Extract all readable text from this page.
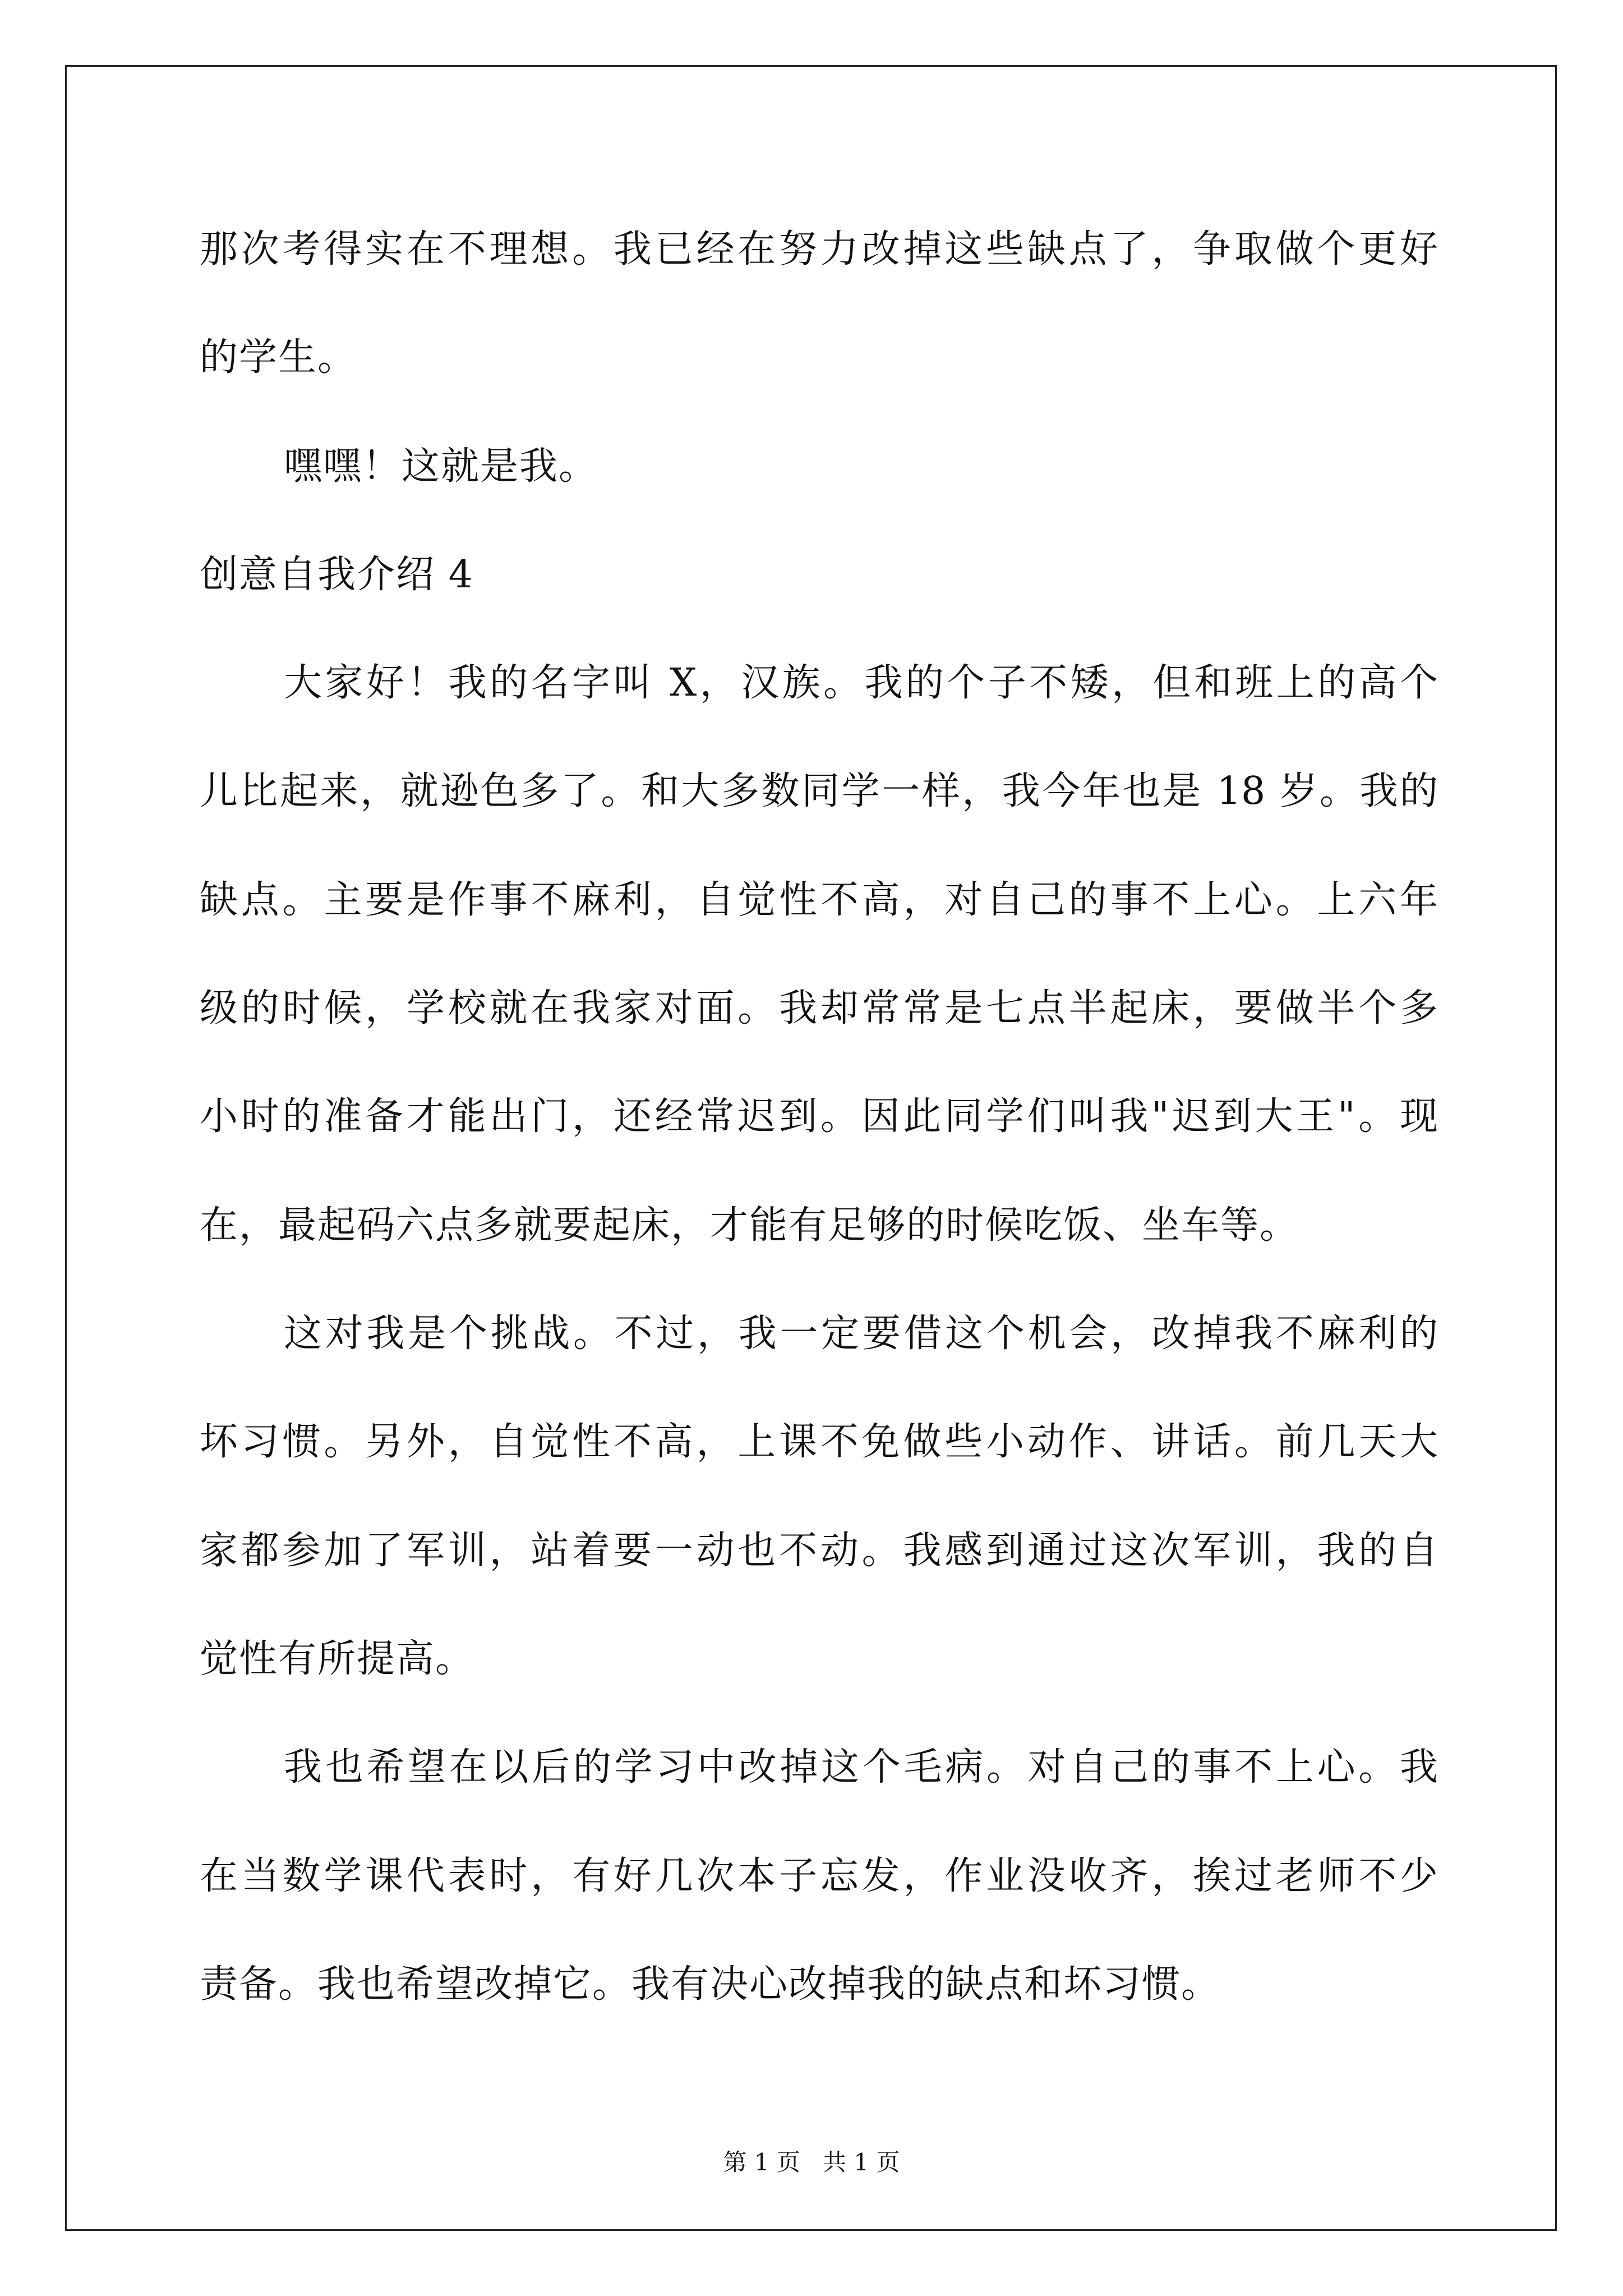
那次考得实在不理想。我已经在努力改掉这些缺点了，争取做个更好
的学生。
嘿嘿！这就是我。
创意自我介绍 4
大家好！我的名字叫 X，汉族。我的个子不矮，但和班上的高个
儿比起来，就逊色多了。和大多数同学一样，我今年也是 18 岁。我的
缺点。主要是作事不麻利，自觉性不高，对自己的事不上心。上六年
级的时候，学校就在我家对面。我却常常是七点半起床，要做半个多
小时的准备才能出门，还经常迟到。因此同学们叫我"迟到大王"。现
在，最起码六点多就要起床，才能有足够的时候吃饭、坐车等。
这对我是个挑战。不过，我一定要借这个机会，改掉我不麻利的
坏习惯。另外，自觉性不高，上课不免做些小动作、讲话。前几天大
家都参加了军训，站着要一动也不动。我感到通过这次军训，我的自
觉性有所提高。
我也希望在以后的学习中改掉这个毛病。对自己的事不上心。我
在当数学课代表时，有好几次本子忘发，作业没收齐，挨过老师不少
责备。我也希望改掉它。我有决心改掉我的缺点和坏习惯。
第 1 页   共 1 页
